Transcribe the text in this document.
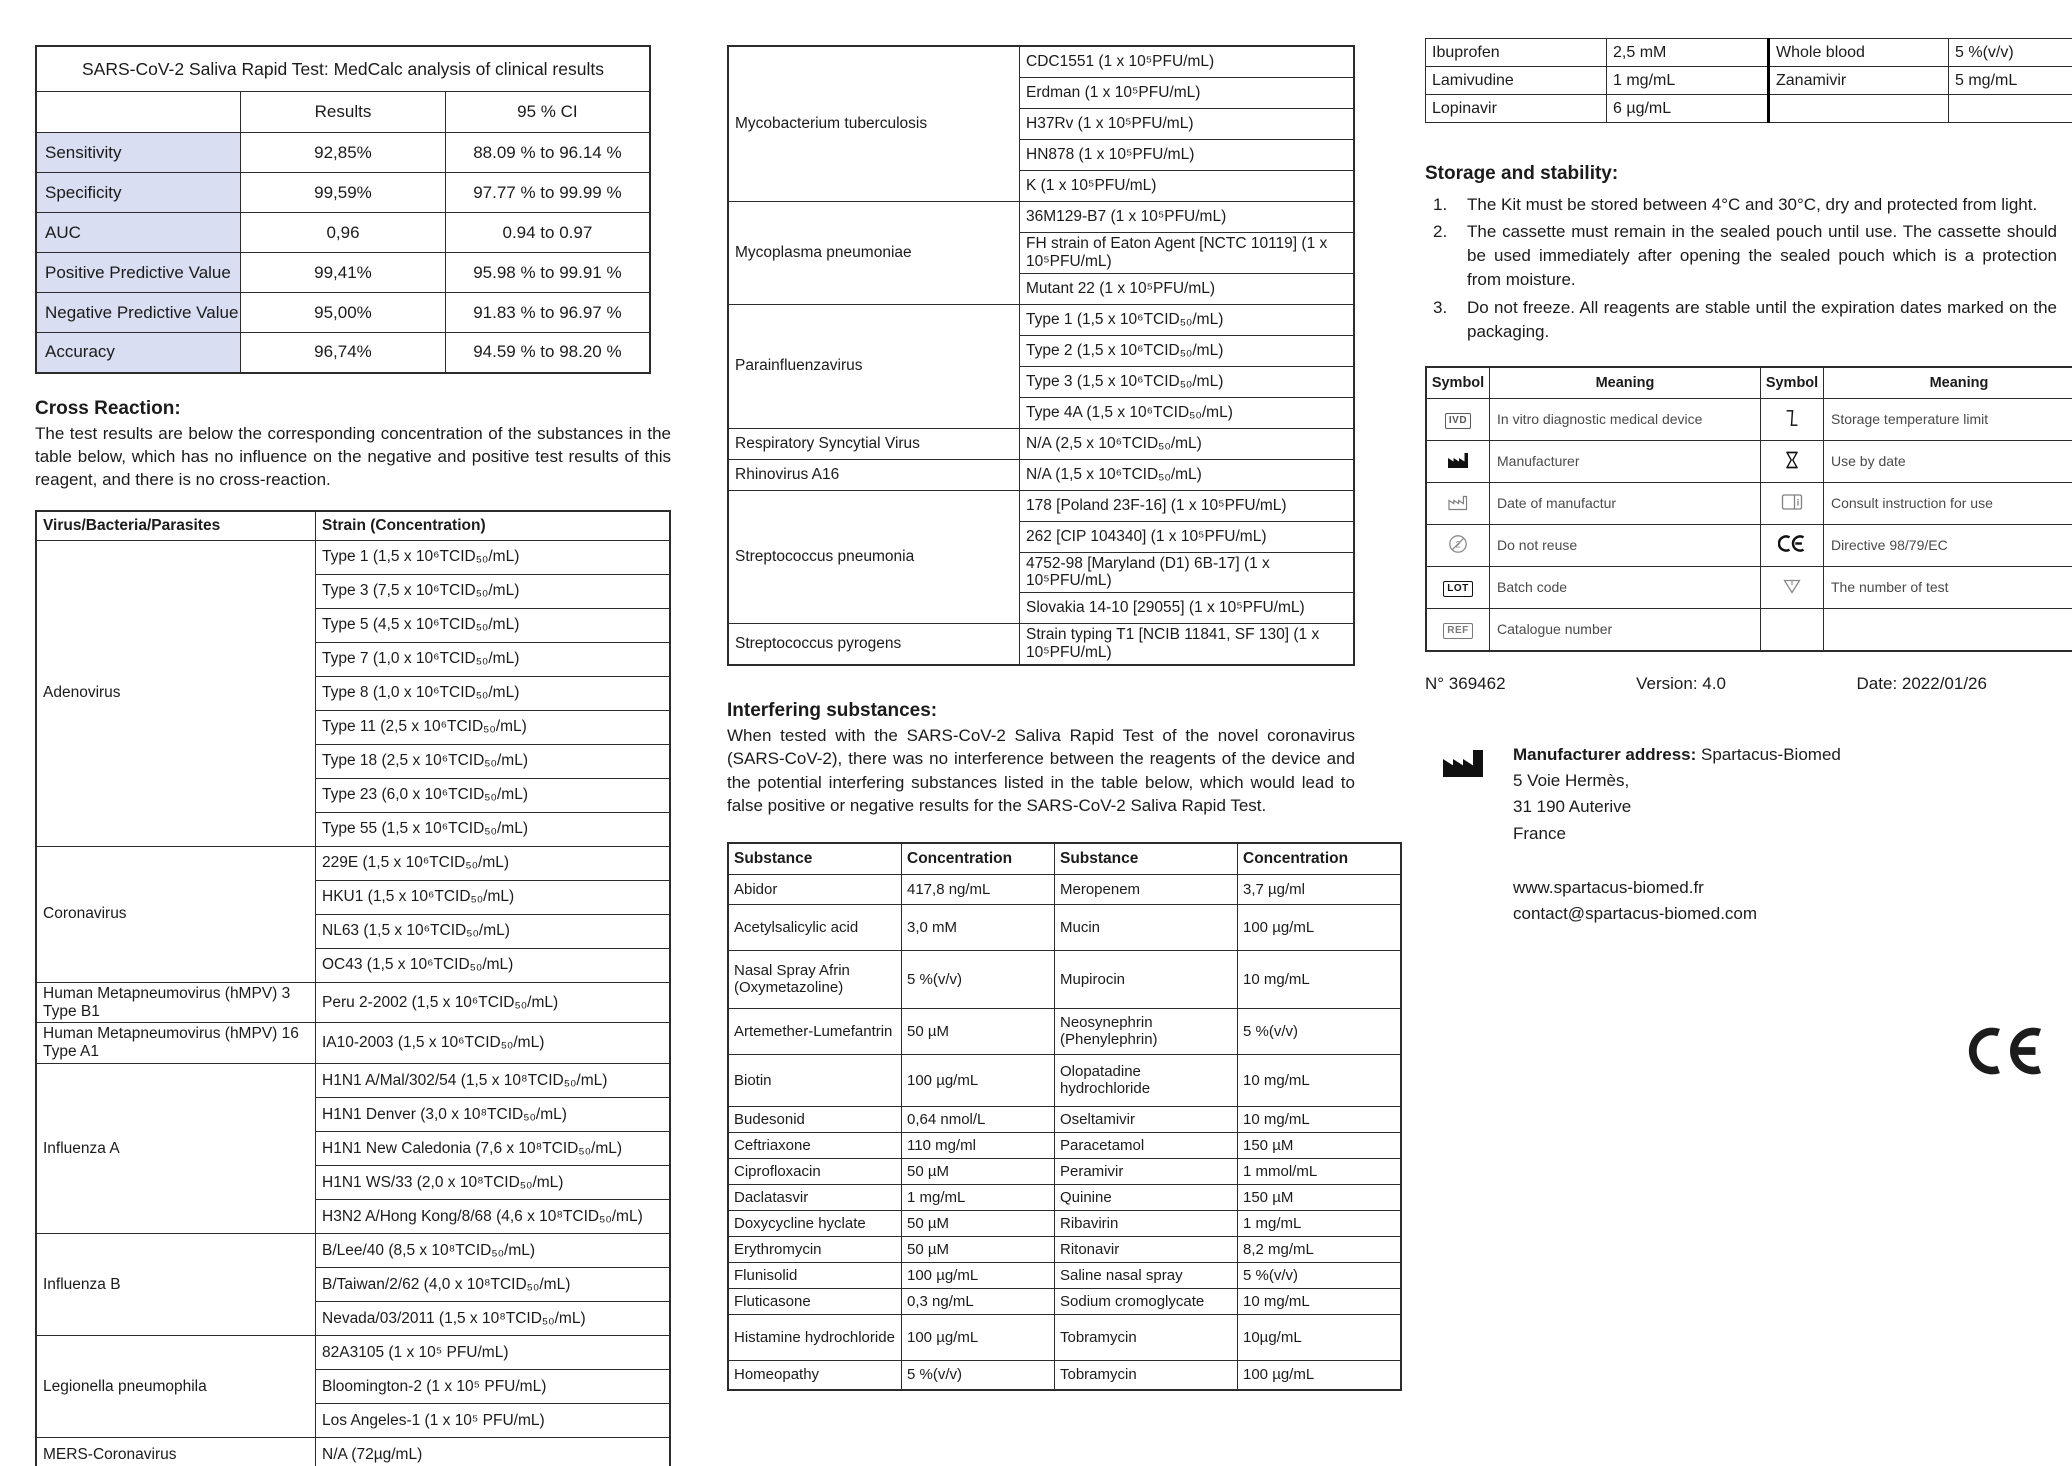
SARS-CoV-2 Saliva Rapid Test: MedCalc analysis of clinical results		
	Results	95 % CI
Sensitivity	92,85%	88.09 % to 96.14 %
Specificity	99,59%	97.77 % to 99.99 %
AUC	0,96	0.94 to 0.97
Positive Predictive Value	99,41%	95.98 % to 99.91 %
Negative Predictive Value	95,00%	91.83 % to 96.97 %
Accuracy	96,74%	94.59 % to 98.20 %
Cross Reaction:

The test results are below the corresponding concentration of the substances in the table below, which has no influence on the negative and positive test results of this reagent, and there is no cross-reaction.

Virus/Bacteria/Parasites	Strain (Concentration)
Adenovirus	Type 1 (1,5 x 10⁶TCID₅₀/mL)
	Type 3 (7,5 x 10⁶TCID₅₀/mL)
	Type 5 (4,5 x 10⁶TCID₅₀/mL)
	Type 7 (1,0 x 10⁶TCID₅₀/mL)
	Type 8 (1,0 x 10⁶TCID₅₀/mL)
	Type 11 (2,5 x 10⁶TCID₅₀/mL)
	Type 18 (2,5 x 10⁶TCID₅₀/mL)
	Type 23 (6,0 x 10⁶TCID₅₀/mL)
	Type 55 (1,5 x 10⁶TCID₅₀/mL)
Coronavirus	229E (1,5 x 10⁶TCID₅₀/mL)
	HKU1 (1,5 x 10⁶TCID₅₀/mL)
	NL63 (1,5 x 10⁶TCID₅₀/mL)
	OC43 (1,5 x 10⁶TCID₅₀/mL)
Human Metapneumovirus (hMPV) 3 Type B1	Peru 2-2002 (1,5 x 10⁶TCID₅₀/mL)
Human Metapneumovirus (hMPV) 16 Type A1	IA10-2003 (1,5 x 10⁶TCID₅₀/mL)
Influenza A	H1N1 A/Mal/302/54 (1,5 x 10⁸TCID₅₀/mL)
	H1N1 Denver (3,0 x 10⁸TCID₅₀/mL)
	H1N1 New Caledonia (7,6 x 10⁸TCID₅₀/mL)
	H1N1 WS/33 (2,0 x 10⁸TCID₅₀/mL)
	H3N2 A/Hong Kong/8/68 (4,6 x 10⁸TCID₅₀/mL)
Influenza B	B/Lee/40 (8,5 x 10⁸TCID₅₀/mL)
	B/Taiwan/2/62 (4,0 x 10⁸TCID₅₀/mL)
	Nevada/03/2011 (1,5 x 10⁸TCID₅₀/mL)
Legionella pneumophila	82A3105 (1 x 10⁵ PFU/mL)
	Bloomington-2 (1 x 10⁵ PFU/mL)
	Los Angeles-1 (1 x 10⁵ PFU/mL)
MERS-Coronavirus	N/A (72µg/mL)
Mycobacterium tuberculosis	CDC1551 (1 x 10⁵PFU/mL)
	Erdman (1 x 10⁵PFU/mL)
	H37Rv (1 x 10⁵PFU/mL)
	HN878 (1 x 10⁵PFU/mL)
	K (1 x 10⁵PFU/mL)
Mycoplasma pneumoniae	36M129-B7 (1 x 10⁵PFU/mL)
	FH strain of Eaton Agent [NCTC 10119] (1 x 10⁵PFU/mL)
	Mutant 22 (1 x 10⁵PFU/mL)
Parainfluenzavirus	Type 1 (1,5 x 10⁶TCID₅₀/mL)
	Type 2 (1,5 x 10⁶TCID₅₀/mL)
	Type 3 (1,5 x 10⁶TCID₅₀/mL)
	Type 4A (1,5 x 10⁶TCID₅₀/mL)
Respiratory Syncytial Virus	N/A (2,5 x 10⁶TCID₅₀/mL)
Rhinovirus A16	N/A (1,5 x 10⁶TCID₅₀/mL)
Streptococcus pneumonia	178 [Poland 23F-16] (1 x 10⁵PFU/mL)
	262 [CIP 104340] (1 x 10⁵PFU/mL)
	4752-98 [Maryland (D1) 6B-17] (1 x 10⁵PFU/mL)
	Slovakia 14-10 [29055] (1 x 10⁵PFU/mL)
Streptococcus pyrogens	Strain typing T1 [NCIB 11841, SF 130] (1 x 10⁵PFU/mL)
Interfering substances:

When tested with the SARS-CoV-2 Saliva Rapid Test of the novel coronavirus (SARS-CoV-2), there was no interference between the reagents of the device and the potential interfering substances listed in the table below, which would lead to false positive or negative results for the SARS-CoV-2 Saliva Rapid Test.

Substance	Concentration	Substance	Concentration
Abidor	417,8 ng/mL	Meropenem	3,7 µg/ml
Acetylsalicylic acid	3,0 mM	Mucin	100 µg/mL
Nasal Spray Afrin (Oxymetazoline)	5 %(v/v)	Mupirocin	10 mg/mL
Artemether-Lumefantrin	50 µM	Neosynephrin (Phenylephrin)	5 %(v/v)
Biotin	100 µg/mL	Olopatadine hydrochloride	10 mg/mL
Budesonid	0,64 nmol/L	Oseltamivir	10 mg/mL
Ceftriaxone	110 mg/ml	Paracetamol	150 µM
Ciprofloxacin	50 µM	Peramivir	1 mmol/mL
Daclatasvir	1 mg/mL	Quinine	150 µM
Doxycycline hyclate	50 µM	Ribavirin	1 mg/mL
Erythromycin	50 µM	Ritonavir	8,2 mg/mL
Flunisolid	100 µg/mL	Saline nasal spray	5 %(v/v)
Fluticasone	0,3 ng/mL	Sodium cromoglycate	10 mg/mL
Histamine hydrochloride	100 µg/mL	Tobramycin	10µg/mL
Homeopathy	5 %(v/v)	Tobramycin	100 µg/mL
Ibuprofen	2,5 mM	Whole blood	5 %(v/v)
Lamivudine	1 mg/mL	Zanamivir	5 mg/mL
Lopinavir	6 µg/mL		
Storage and stability:
1.	The Kit must be stored between 4°C and 30°C, dry and protected from light.
2.	The cassette must remain in the sealed pouch until use. The cassette should be used immediately after opening the sealed pouch which is a protection from moisture.
3.	Do not freeze. All reagents are stable until the expiration dates marked on the packaging.
Symbol	Meaning	Symbol	Meaning
IVD	In vitro diagnostic medical device		Storage temperature limit
	Manufacturer		Use by date
	Date of manufactur	i	Consult instruction for use

2	Do not reuse		Directive 98/79/EC
LOT	Batch code		The number of test
REF	Catalogue number		
N° 369462	Version: 4.0	Date: 2022/01/26
Manufacturer address: Spartacus-Biomed
5 Voie Hermès,
31 190 Auterive
France
www.spartacus-biomed.fr
contact@spartacus-biomed.com
